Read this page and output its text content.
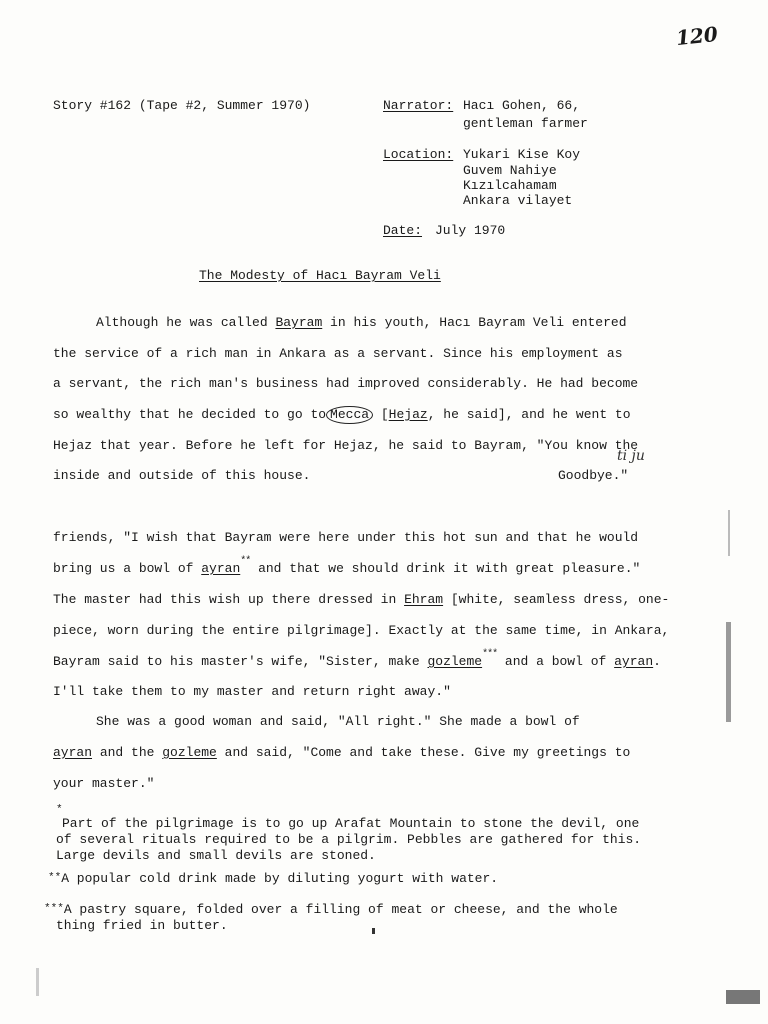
120
Story #162 (Tape #2, Summer 1970)	Narrator: Hacı Gohen, 66,
gentleman farmer
Location: Yukari Kise Koy
Guvem Nahiye
Kızılcahamam
Ankara vilayet
Date: July 1970
The Modesty of Hacı Bayram Veli
Although he was called Bayram in his youth, Hacı Bayram Veli entered
the service of a rich man in Ankara as a servant. Since his employment as
a servant, the rich man's business had improved considerably. He had become
so wealthy that he decided to go to Mecca [Hejaz, he said], and he went to
Hejaz that year. Before he left for Hejaz, he said to Bayram, "You know the
ti ju
inside and outside of this house.	Goodbye."
friends, "I wish that Bayram were here under this hot sun and that he would
bring us a bowl of ayran** and that we should drink it with great pleasure."
The master had this wish up there dressed in Ehram [white, seamless dress, one-
piece, worn during the entire pilgrimage]. Exactly at the same time, in Ankara,
Bayram said to his master's wife, "Sister, make gozleme*** and a bowl of ayran.
I'll take them to my master and return right away."
She was a good woman and said, "All right." She made a bowl of
ayran and the gozleme and said, "Come and take these. Give my greetings to
your master."
*
Part of the pilgrimage is to go up Arafat Mountain to stone the devil, one
of several rituals required to be a pilgrim. Pebbles are gathered for this.
Large devils and small devils are stoned.
**A popular cold drink made by diluting yogurt with water.
***A pastry square, folded over a filling of meat or cheese, and the whole
thing fried in butter.
